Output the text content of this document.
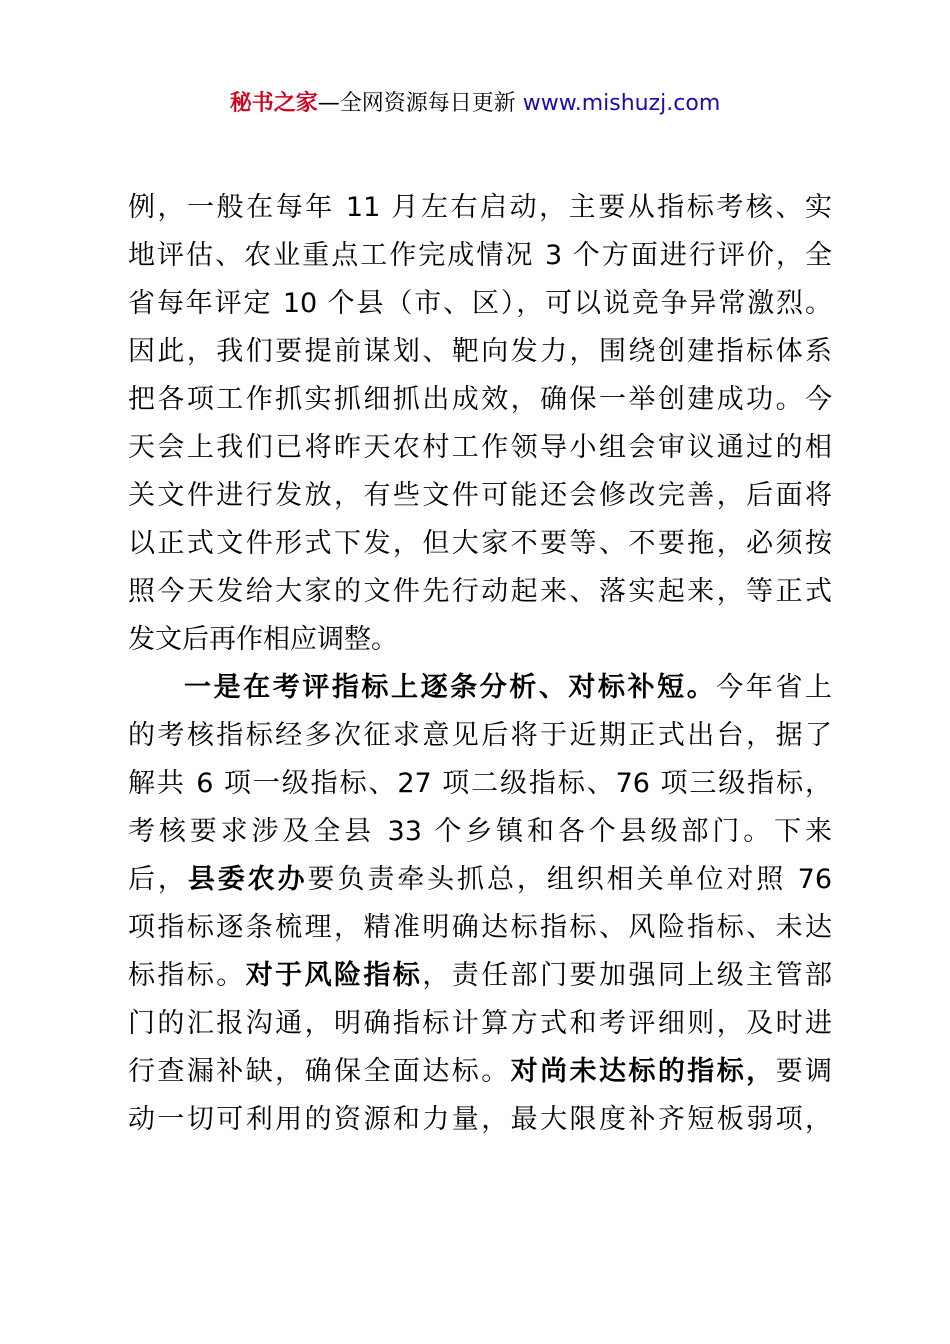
秘书之家—全网资源每日更新 www.mishuzj.com
例，一般在每年 11 月左右启动，主要从指标考核、实
地评估、农业重点工作完成情况 3 个方面进行评价，全
省每年评定 10 个县（市、区），可以说竞争异常激烈。
因此，我们要提前谋划、靶向发力，围绕创建指标体系
把各项工作抓实抓细抓出成效，确保一举创建成功。今
天会上我们已将昨天农村工作领导小组会审议通过的相
关文件进行发放，有些文件可能还会修改完善，后面将
以正式文件形式下发，但大家不要等、不要拖，必须按
照今天发给大家的文件先行动起来、落实起来，等正式
发文后再作相应调整。
一是在考评指标上逐条分析、对标补短。今年省上
的考核指标经多次征求意见后将于近期正式出台，据了
解共 6 项一级指标、27 项二级指标、76 项三级指标，
考核要求涉及全县 33 个乡镇和各个县级部门。下来
后，县委农办要负责牵头抓总，组织相关单位对照 76
项指标逐条梳理，精准明确达标指标、风险指标、未达
标指标。对于风险指标，责任部门要加强同上级主管部
门的汇报沟通，明确指标计算方式和考评细则，及时进
行查漏补缺，确保全面达标。对尚未达标的指标，要调
动一切可利用的资源和力量，最大限度补齐短板弱项，
